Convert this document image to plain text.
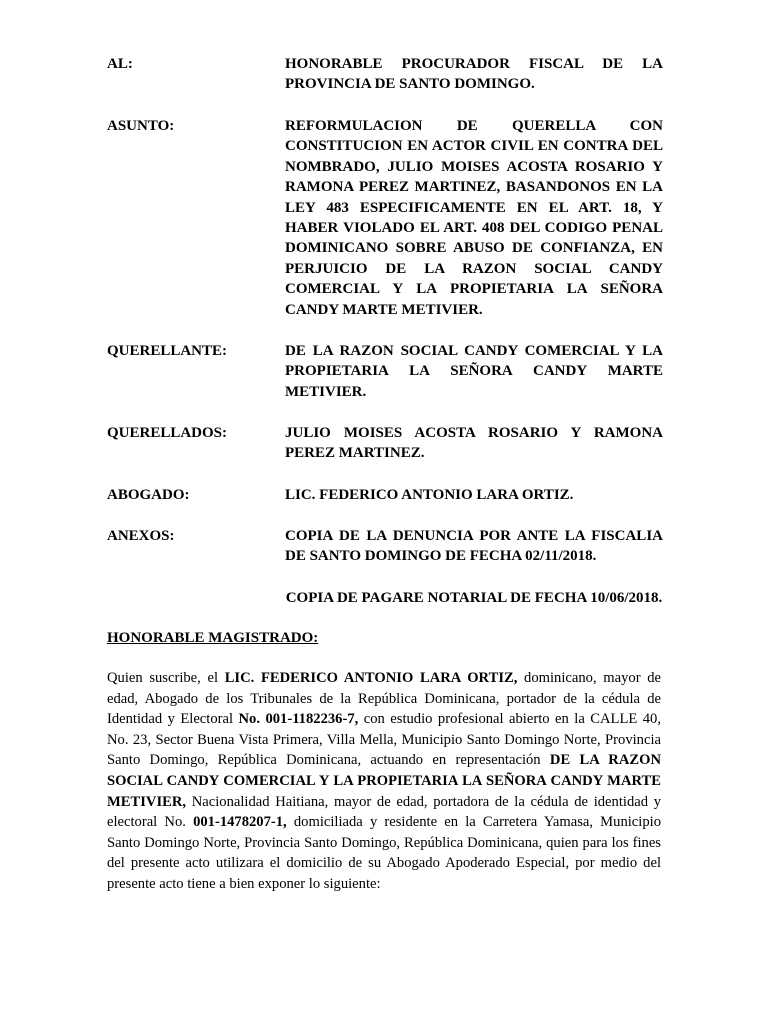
AL:	HONORABLE PROCURADOR FISCAL DE LA PROVINCIA DE SANTO DOMINGO.
ASUNTO:	REFORMULACION DE QUERELLA CON CONSTITUCION EN ACTOR CIVIL EN CONTRA DEL NOMBRADO, JULIO MOISES ACOSTA ROSARIO Y RAMONA PEREZ MARTINEZ, BASANDONOS EN LA LEY 483 ESPECIFICAMENTE EN EL ART. 18, Y HABER VIOLADO EL ART. 408 DEL CODIGO PENAL DOMINICANO SOBRE ABUSO DE CONFIANZA, EN PERJUICIO DE LA RAZON SOCIAL CANDY COMERCIAL Y LA PROPIETARIA LA SEÑORA CANDY MARTE METIVIER.
QUERELLANTE:	DE LA RAZON SOCIAL CANDY COMERCIAL Y LA PROPIETARIA LA SEÑORA CANDY MARTE METIVIER.
QUERELLADOS:	JULIO MOISES ACOSTA ROSARIO Y RAMONA PEREZ MARTINEZ.
ABOGADO:	LIC. FEDERICO ANTONIO LARA ORTIZ.
ANEXOS:	COPIA DE LA DENUNCIA POR ANTE LA FISCALIA DE SANTO DOMINGO DE FECHA 02/11/2018.
COPIA DE PAGARE NOTARIAL DE FECHA 10/06/2018.
HONORABLE MAGISTRADO:
Quien suscribe, el LIC. FEDERICO ANTONIO LARA ORTIZ, dominicano, mayor de edad, Abogado de los Tribunales de la República Dominicana, portador de la cédula de Identidad y Electoral No. 001-1182236-7, con estudio profesional abierto en la CALLE 40, No. 23, Sector Buena Vista Primera, Villa Mella, Municipio Santo Domingo Norte, Provincia Santo Domingo, República Dominicana, actuando en representación DE LA RAZON SOCIAL CANDY COMERCIAL Y LA PROPIETARIA LA SEÑORA CANDY MARTE METIVIER, Nacionalidad Haitiana, mayor de edad, portadora de la cédula de identidad y electoral No. 001-1478207-1, domiciliada y residente en la Carretera Yamasa, Municipio Santo Domingo Norte, Provincia Santo Domingo, República Dominicana, quien para los fines del presente acto utilizara el domicilio de su Abogado Apoderado Especial, por medio del presente acto tiene a bien exponer lo siguiente:
